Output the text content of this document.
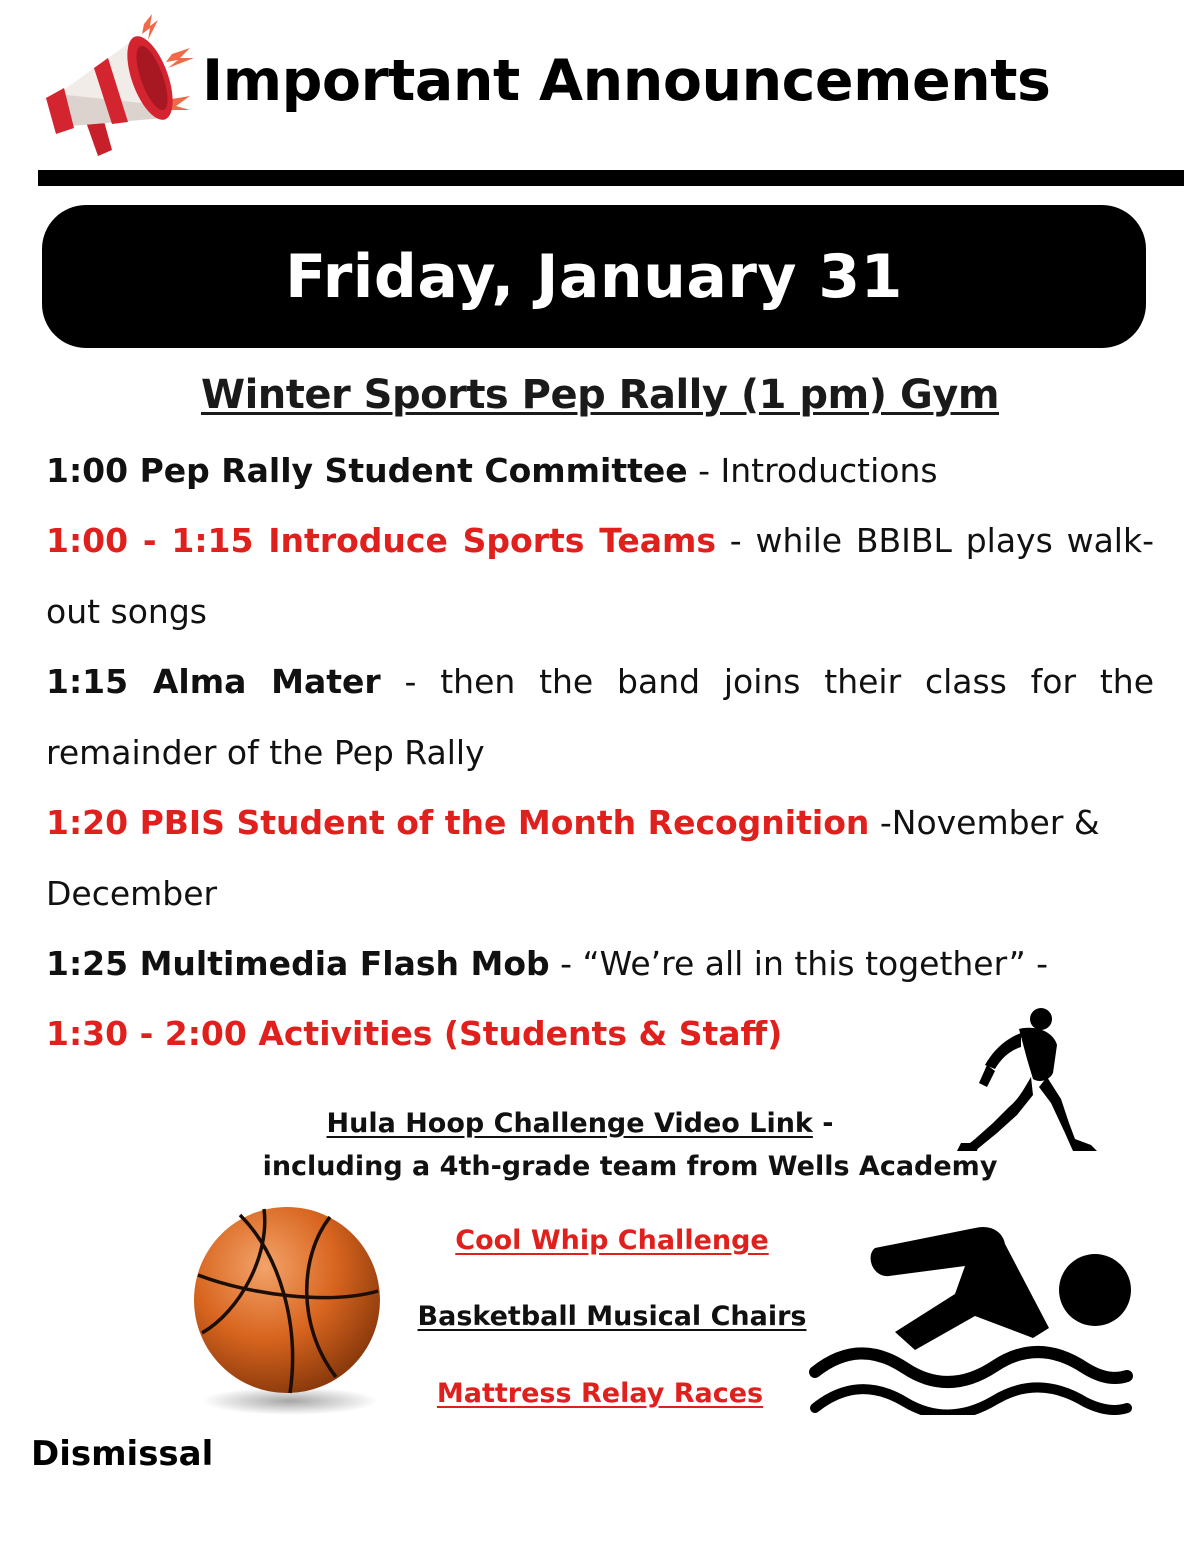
Important Announcements
Friday, January 31
Winter Sports Pep Rally (1 pm) Gym
1:00 Pep Rally Student Committee - Introductions
1:00 - 1:15 Introduce Sports Teams - while BBIBL plays walk-out songs
1:15 Alma Mater - then the band joins their class for the remainder of the Pep Rally
1:20 PBIS Student of the Month Recognition -November & December
1:25 Multimedia Flash Mob - “We’re all in this together” -
1:30 - 2:00 Activities (Students & Staff)
Hula Hoop Challenge Video Link -
including a 4th-grade team from Wells Academy
Cool Whip Challenge
Basketball Musical Chairs
Mattress Relay Races
Dismissal
